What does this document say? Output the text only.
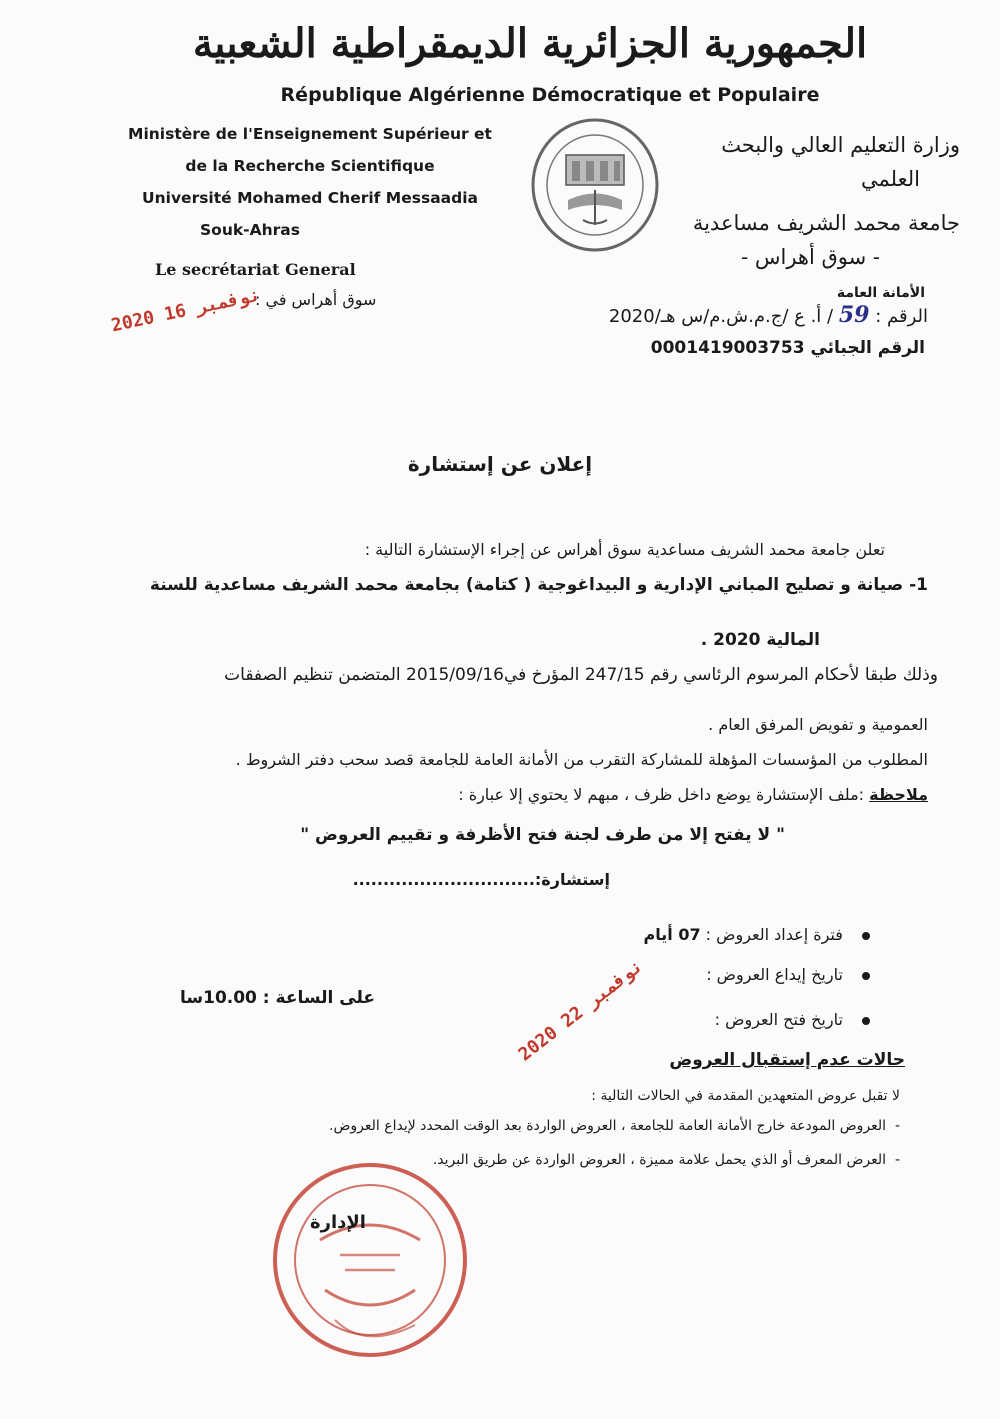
الجمهورية الجزائرية الديمقراطية الشعبية
République Algérienne Démocratique et Populaire
Ministère de l'Enseignement Supérieur et
de la Recherche Scientifique
Université Mohamed Cherif Messaadia
Souk-Ahras
وزارة التعليم العالي والبحث
العلمي
جامعة محمد الشريف مساعدية
- سوق أهراس -
Le secrétariat General
سوق أهراس في :
2020 نوفمبر 16	الأمانة العامة
الرقم : 59 / أ. ع /ج.م.ش.م/س هـ/2020
الرقم الجبائي 0001419003753
إعلان عن إستشارة
تعلن جامعة محمد الشريف مساعدية سوق أهراس عن إجراء الإستشارة التالية :
1- صيانة و تصليح المباني الإدارية و البيداغوجية ( كتامة) بجامعة محمد الشريف مساعدية للسنة
المالية 2020 .
وذلك طبقا لأحكام المرسوم الرئاسي رقم 247/15 المؤرخ في2015/09/16 المتضمن تنظيم الصفقات
العمومية و تفويض المرفق العام .
المطلوب من المؤسسات المؤهلة للمشاركة التقرب من الأمانة العامة للجامعة قصد سحب دفتر الشروط .
ملاحظة :ملف الإستشارة يوضع داخل ظرف ، مبهم لا يحتوي إلا عبارة :
" لا يفتح إلا من طرف لجنة فتح الأظرفة و تقييم العروض "
إستشارة:..............................
فترة إعداد العروض : 07 أيام
تاريخ إيداع العروض :
تاريخ فتح العروض :
على الساعة : 10.00سا
2020 نوفمبر 22
حالات عدم إستقبال العروض
لا تقبل عروض المتعهدين المقدمة في الحالات التالية :
-  العروض المودعة خارج الأمانة العامة للجامعة ، العروض الواردة بعد الوقت المحدد لإيداع العروض.
-  العرض المعرف أو الذي يحمل علامة مميزة ، العروض الواردة عن طريق البريد.
الإدارة
